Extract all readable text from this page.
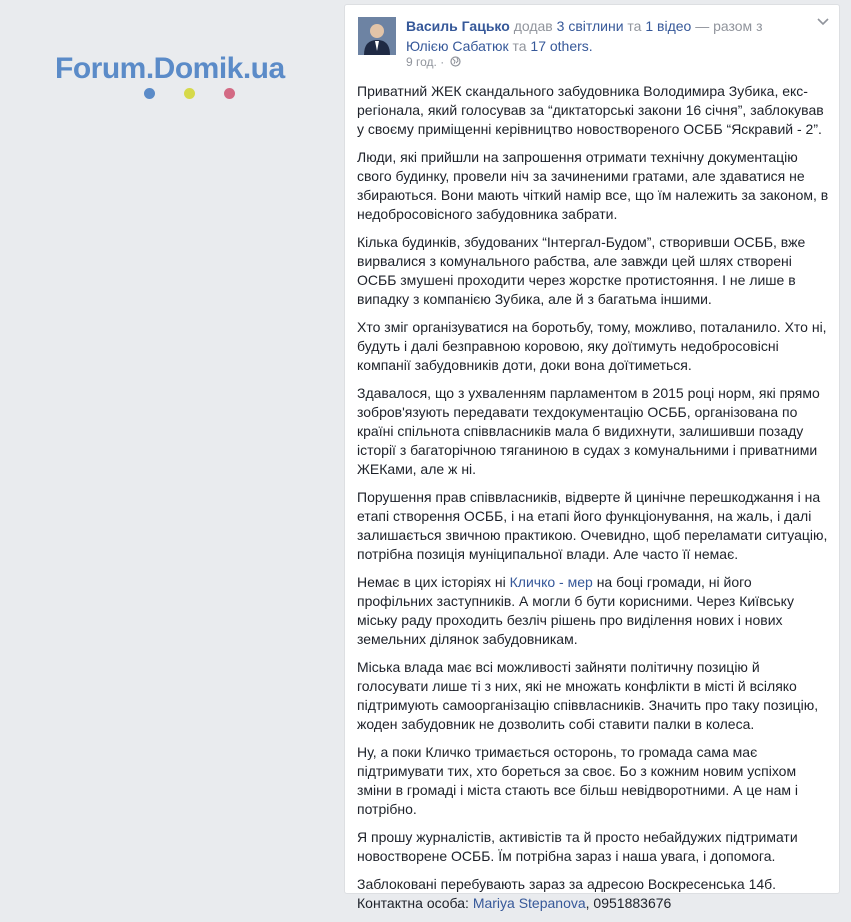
Forum.Domik.ua
Василь Гацько додав 3 світлини та 1 відео — разом з Юлією Сабатюк та 17 others.
9 год. ·

Приватний ЖЕК скандального забудовника Володимира Зубика, екс-регіонала, який голосував за “диктаторські закони 16 січня”, заблокував у своєму приміщенні керівництво новоствореного ОСББ “Яскравий - 2”.

Люди, які прийшли на запрошення отримати технічну документацію свого будинку, провели ніч за зачиненими гратами, але здаватися не збираються. Вони мають чіткий намір все, що їм належить за законом, в недобросовісного забудовника забрати.

Кілька будинків, збудованих “Інтергал-Будом”, створивши ОСББ, вже вирвалися з комунального рабства, але завжди цей шлях створені ОСББ змушені проходити через жорстке протистояння. І не лише в випадку з компанією Зубика, але й з багатьма іншими.

Хто зміг організуватися на боротьбу, тому, можливо, поталанило. Хто ні, будуть і далі безправною коровою, яку доїтимуть недобросовісні компанії забудовників доти, доки вона доїтиметься.

Здавалося, що з ухваленням парламентом в 2015 році норм, які прямо зобров'язують передавати техдокументацію ОСББ, організована по країні спільнота співвласників мала б видихнути, залишивши позаду історії з багаторічною тяганиною в судах з комунальними і приватними ЖЕКами, але ж ні.

Порушення прав співвласників, відверте й цинічне перешкоджання і на етапі створення ОСББ, і на етапі його функціонування, на жаль, і далі залишається звичною практикою. Очевидно, щоб переламати ситуацію, потрібна позиція муніципальної влади. Але часто її немає.

Немає в цих історіях ні Кличко - мер на боці громади, ні його профільних заступників. А могли б бути корисними. Через Київську міську раду проходить безліч рішень про виділення нових і нових земельних ділянок забудовникам.

Міська влада має всі можливості зайняти політичну позицію й голосувати лише ті з них, які не множать конфлікти в місті й всіляко підтримують самоорганізацію співвласників. Значить про таку позицію, жоден забудовник не дозволить собі ставити палки в колеса.

Ну, а поки Кличко тримається осторонь, то громада сама має підтримувати тих, хто бореться за своє. Бо з кожним новим успіхом зміни в громаді і міста стають все більш невідворотними. А це нам і потрібно.

Я прошу журналістів, активістів та й просто небайдужих підтримати новостворене ОСББ. Їм потрібна зараз і наша увага, і допомога.

Заблоковані перебувають зараз за адресою Воскресенська 14б.
Контактна особа: Mariya Stepanova, 0951883676
